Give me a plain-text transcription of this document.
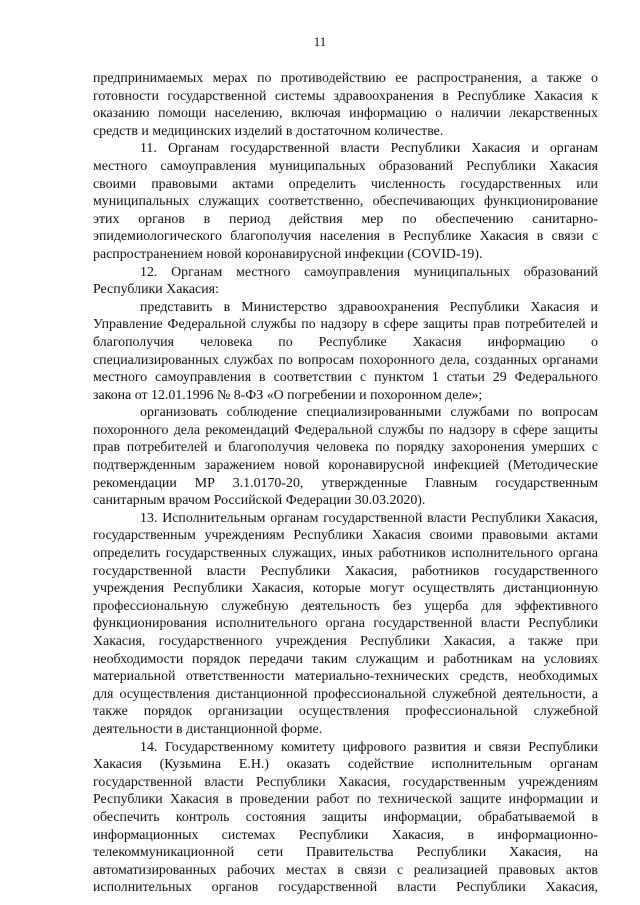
11
предпринимаемых мерах по противодействию ее распространения, а также о
готовности государственной системы здравоохранения в Республике Хакасия к
оказанию помощи населению, включая информацию о наличии лекарственных
средств и медицинских изделий в достаточном количестве.
11. Органам государственной власти Республики Хакасия и органам
местного самоуправления муниципальных образований Республики Хакасия
своими правовыми актами определить численность государственных или
муниципальных служащих соответственно, обеспечивающих функционирование
этих органов в период действия мер по обеспечению санитарно-
эпидемиологического благополучия населения в Республике Хакасия в связи с
распространением новой коронавирусной инфекции (COVID-19).
12. Органам местного самоуправления муниципальных образований
Республики Хакасия:
представить в Министерство здравоохранения Республики Хакасия и
Управление Федеральной службы по надзору в сфере защиты прав потребителей и
благополучия человека по Республике Хакасия информацию о
специализированных службах по вопросам похоронного дела, созданных органами
местного самоуправления в соответствии с пунктом 1 статьи 29 Федерального
закона от 12.01.1996 № 8-ФЗ «О погребении и похоронном деле»;
организовать соблюдение специализированными службами по вопросам
похоронного дела рекомендаций Федеральной службы по надзору в сфере защиты
прав потребителей и благополучия человека по порядку захоронения умерших с
подтвержденным заражением новой коронавирусной инфекцией (Методические
рекомендации МР 3.1.0170-20, утвержденные Главным государственным
санитарным врачом Российской Федерации 30.03.2020).
13. Исполнительным органам государственной власти Республики Хакасия,
государственным учреждениям Республики Хакасия своими правовыми актами
определить государственных служащих, иных работников исполнительного органа
государственной власти Республики Хакасия, работников государственного
учреждения Республики Хакасия, которые могут осуществлять дистанционную
профессиональную служебную деятельность без ущерба для эффективного
функционирования исполнительного органа государственной власти Республики
Хакасия, государственного учреждения Республики Хакасия, а также при
необходимости порядок передачи таким служащим и работникам на условиях
материальной ответственности материально-технических средств, необходимых
для осуществления дистанционной профессиональной служебной деятельности, а
также порядок организации осуществления профессиональной служебной
деятельности в дистанционной форме.
14. Государственному комитету цифрового развития и связи Республики
Хакасия (Кузьмина Е.Н.) оказать содействие исполнительным органам
государственной власти Республики Хакасия, государственным учреждениям
Республики Хакасия в проведении работ по технической защите информации и
обеспечить контроль состояния защиты информации, обрабатываемой в
информационных системах Республики Хакасия, в информационно-
телекоммуникационной сети Правительства Республики Хакасия, на
автоматизированных рабочих местах в связи с реализацией правовых актов
исполнительных органов государственной власти Республики Хакасия,
